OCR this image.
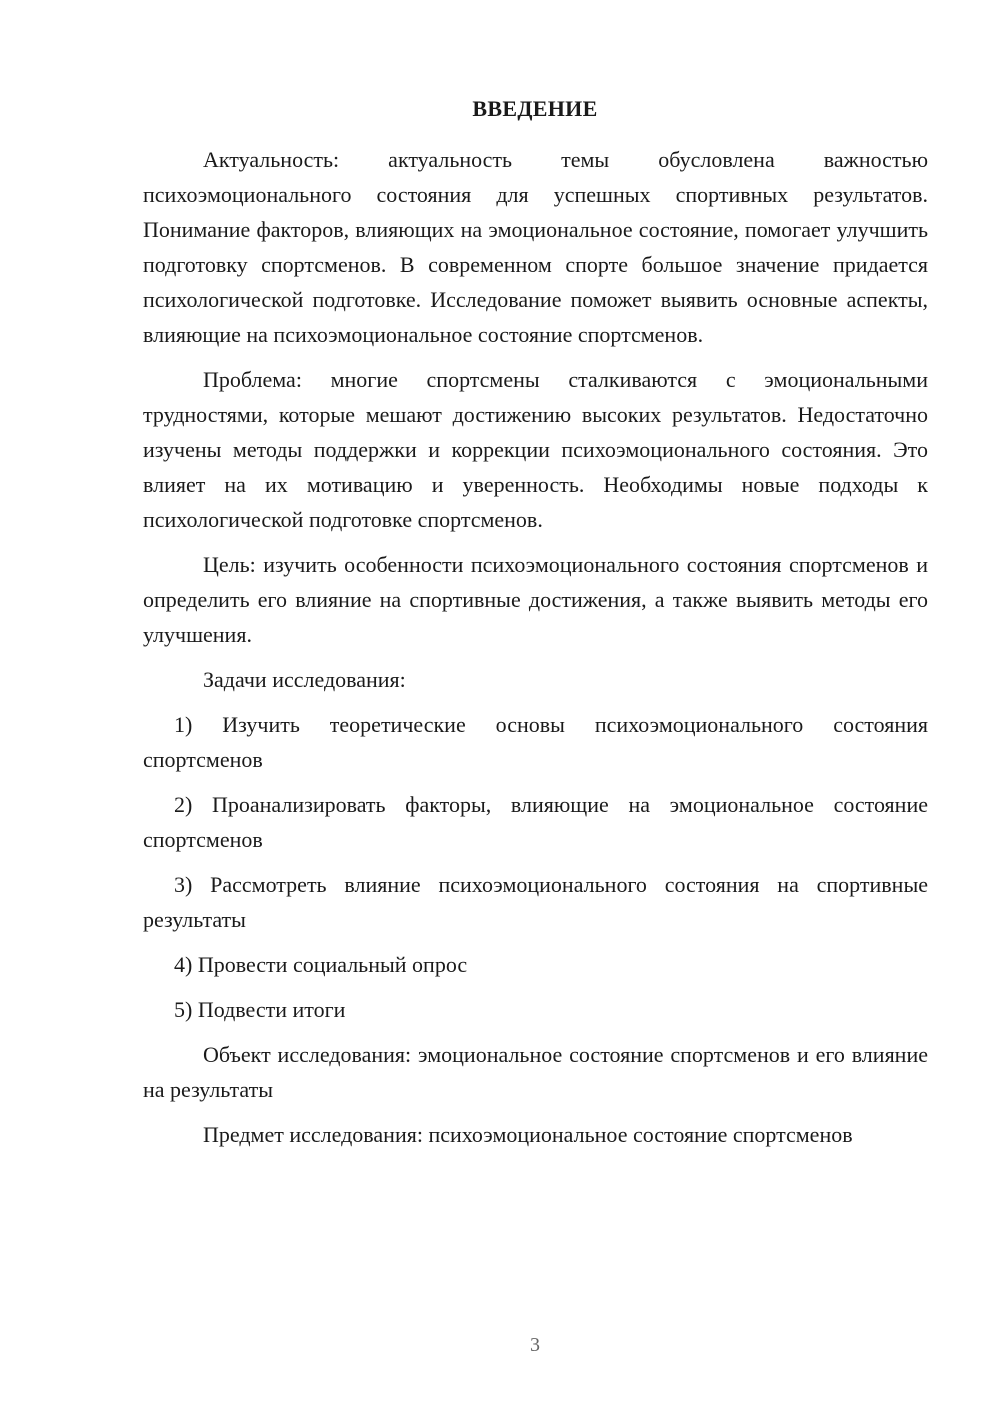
ВВЕДЕНИЕ

Актуальность: актуальность темы обусловлена важностью психоэмоционального состояния для успешных спортивных результатов. Понимание факторов, влияющих на эмоциональное состояние, помогает улучшить подготовку спортсменов. В современном спорте большое значение придается психологической подготовке. Исследование поможет выявить основные аспекты, влияющие на психоэмоциональное состояние спортсменов.

Проблема: многие спортсмены сталкиваются с эмоциональными трудностями, которые мешают достижению высоких результатов. Недостаточно изучены методы поддержки и коррекции психоэмоционального состояния. Это влияет на их мотивацию и уверенность. Необходимы новые подходы к психологической подготовке спортсменов.

Цель: изучить особенности психоэмоционального состояния спортсменов и определить его влияние на спортивные достижения, а также выявить методы его улучшения.

Задачи исследования:

1) Изучить теоретические основы психоэмоционального состояния спортсменов

2) Проанализировать факторы, влияющие на эмоциональное состояние спортсменов

3) Рассмотреть влияние психоэмоционального состояния на спортивные результаты

4) Провести социальный опрос

5) Подвести итоги

Объект исследования: эмоциональное состояние спортсменов и его влияние на результаты

Предмет исследования: психоэмоциональное состояние спортсменов

3
